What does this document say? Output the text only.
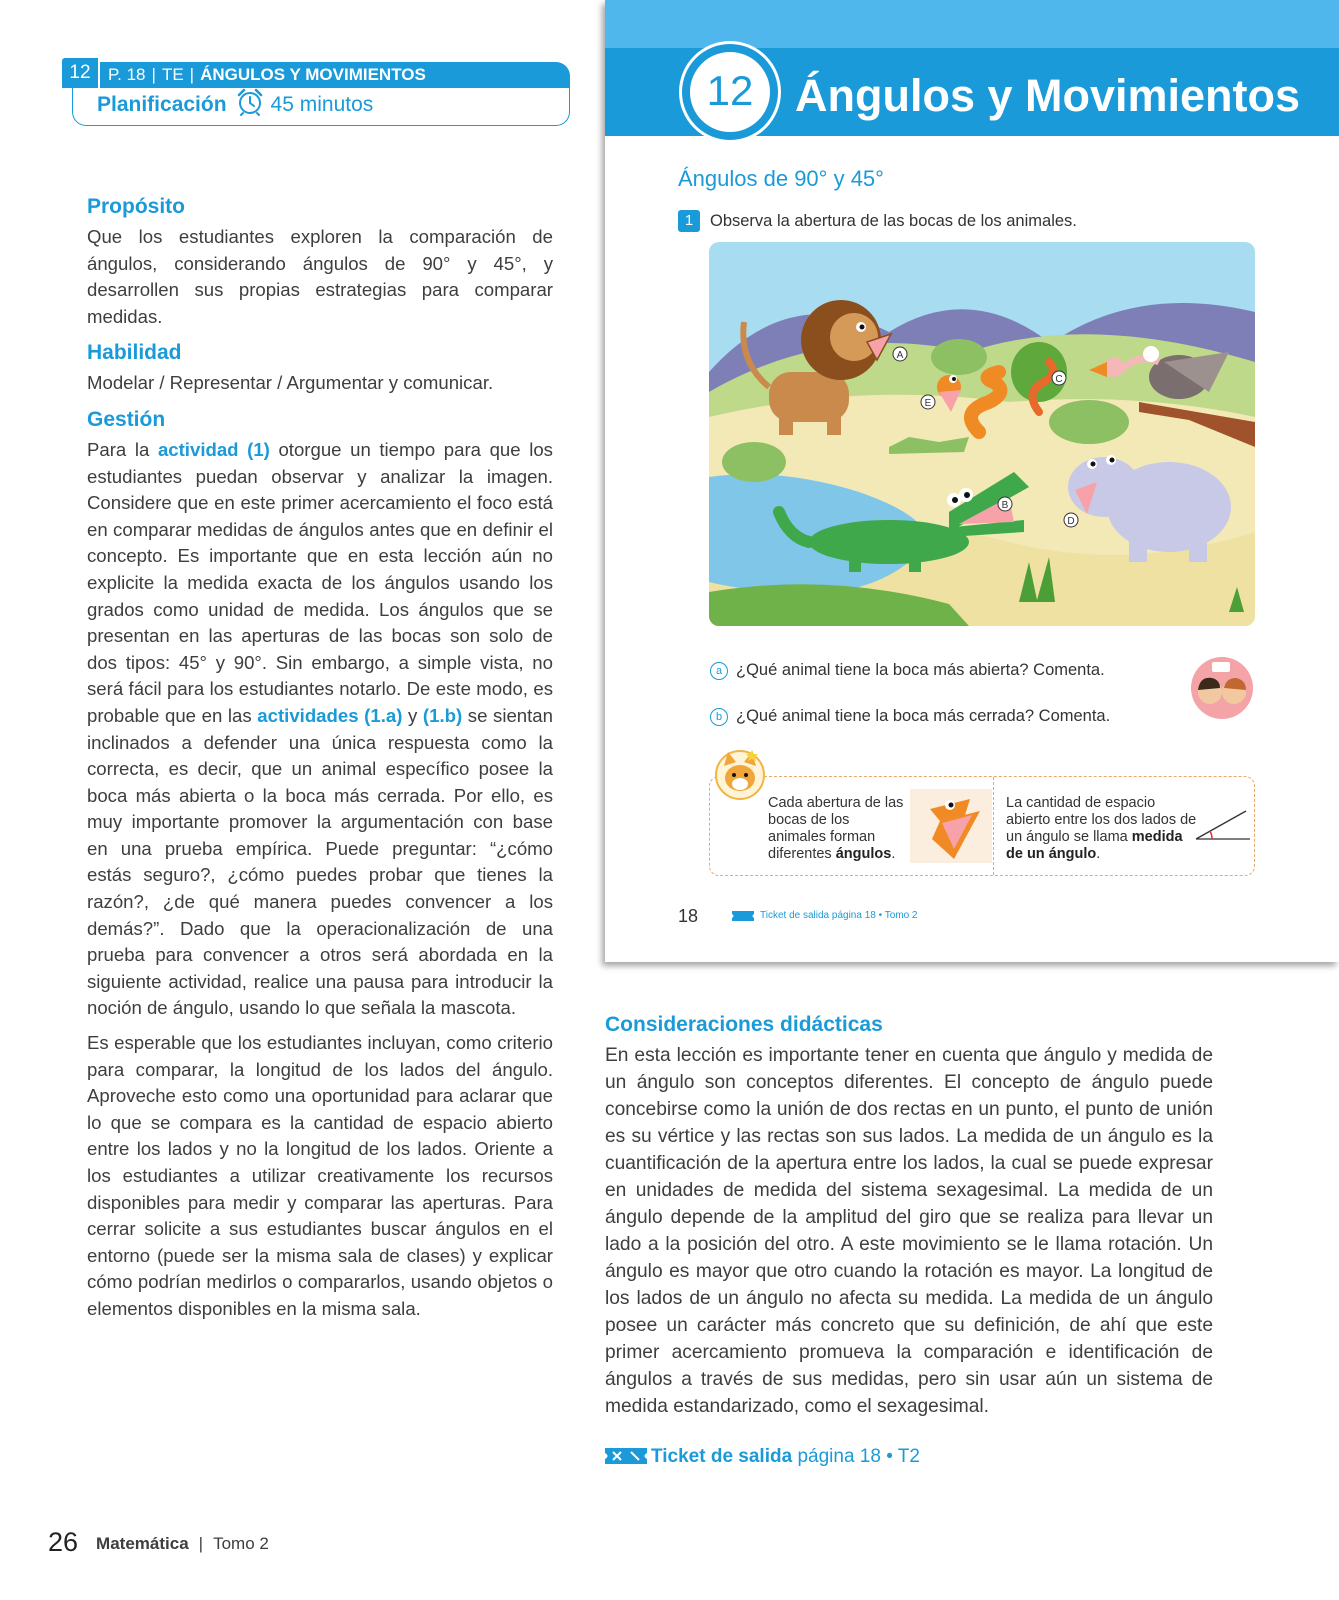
12	P. 18 | TE | ÁNGULOS Y MOVIMIENTOS
Planificación 45 minutos
Propósito

Que los estudiantes exploren la comparación de ángulos, considerando ángulos de 90° y 45°, y desarrollen sus propias estrategias para comparar medidas.

Habilidad

Modelar / Representar / Argumentar y comunicar.

Gestión

Para la actividad (1) otorgue un tiempo para que los estudiantes puedan observar y analizar la imagen. Considere que en este primer acercamiento el foco está en comparar medidas de ángulos antes que en definir el concepto. Es importante que en esta lección aún no explicite la medida exacta de los ángulos usando los grados como unidad de medida. Los ángulos que se presentan en las aperturas de las bocas son solo de dos tipos: 45° y 90°. Sin embargo, a simple vista, no será fácil para los estudiantes notarlo. De este modo, es probable que en las actividades (1.a) y (1.b) se sientan inclinados a defender una única respuesta como la correcta, es decir, que un animal específico posee la boca más abierta o la boca más cerrada. Por ello, es muy importante promover la argumentación con base en una prueba empírica. Puede preguntar: “¿cómo estás seguro?, ¿cómo puedes probar que tienes la razón?, ¿de qué manera puedes convencer a los demás?”. Dado que la operacionalización de una prueba para convencer a otros será abordada en la siguiente actividad, realice una pausa para introducir la noción de ángulo, usando lo que señala la mascota.

Es esperable que los estudiantes incluyan, como criterio para comparar, la longitud de los lados del ángulo. Aproveche esto como una oportunidad para aclarar que lo que se compara es la cantidad de espacio abierto entre los lados y no la longitud de los lados. Oriente a los estudiantes a utilizar creativamente los recursos disponibles para medir y comparar las aperturas. Para cerrar solicite a sus estudiantes buscar ángulos en el entorno (puede ser la misma sala de clases) y explicar cómo podrían medirlos o compararlos, usando objetos o elementos disponibles en la misma sala.

12 Ángulos y Movimientos
Ángulos de 90° y 45°
1	Observa la abertura de las bocas de los animales.
A
B
C
D
E
a ¿Qué animal tiene la boca más abierta? Comenta.
b ¿Qué animal tiene la boca más cerrada? Comenta.
Cada abertura de las bocas de los animales forman diferentes ángulos.
La cantidad de espacio abierto entre los dos lados de un ángulo se llama medida de un ángulo.
18	Ticket de salida página 18 • Tomo 2
Consideraciones didácticas

En esta lección es importante tener en cuenta que ángulo y medida de un ángulo son conceptos diferentes. El concepto de ángulo puede concebirse como la unión de dos rectas en un punto, el punto de unión es su vértice y las rectas son sus lados. La medida de un ángulo es la cuantificación de la apertura entre los lados, la cual se puede expresar en unidades de medida del sistema sexagesimal. La medida de un ángulo depende de la amplitud del giro que se realiza para llevar un lado a la posición del otro. A este movimiento se le llama rotación. Un ángulo es mayor que otro cuando la rotación es mayor. La longitud de los lados de un ángulo no afecta su medida. La medida de un ángulo posee un carácter más concreto que su definición, de ahí que este primer acercamiento promueva la comparación e identificación de ángulos a través de sus medidas, pero sin usar aún un sistema de medida estandarizado, como el sexagesimal.

Ticket de salida página 18 • T2
26 Matemática | Tomo 2
